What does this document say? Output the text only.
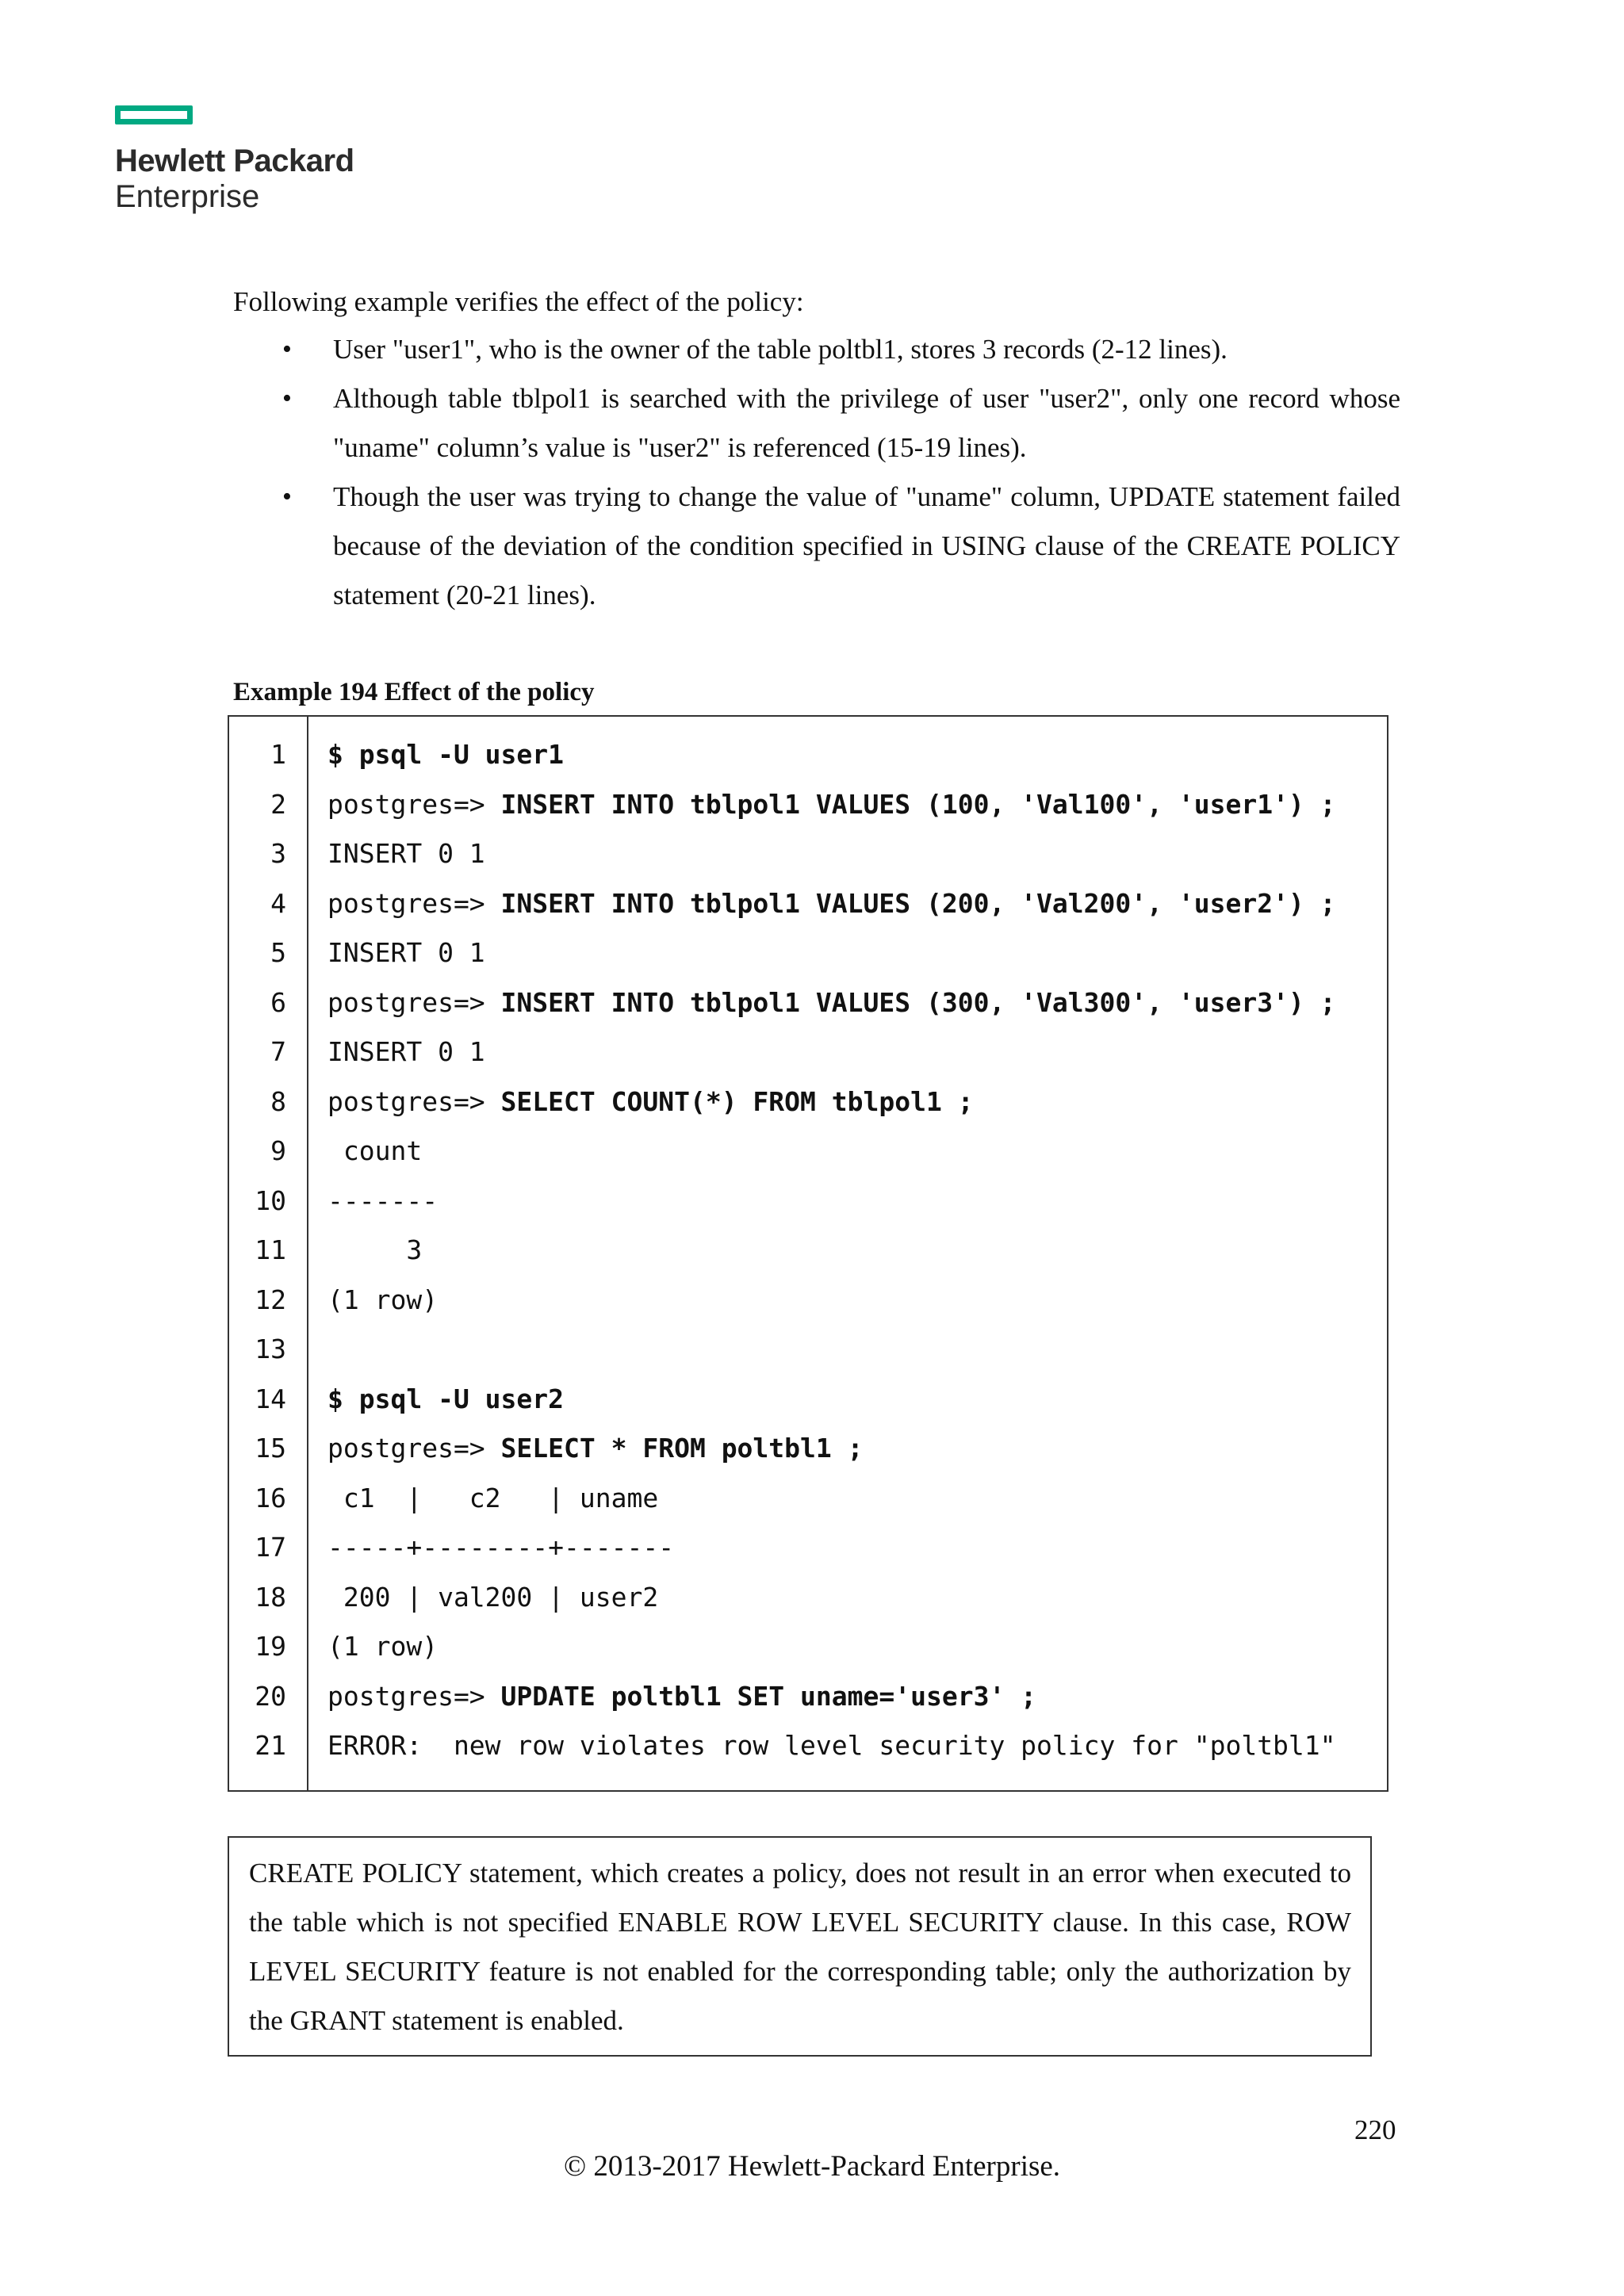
Hewlett Packard
Enterprise
Following example verifies the effect of the policy:
• User "user1", who is the owner of the table poltbl1, stores 3 records (2-12 lines).
• Although table tblpol1 is searched with the privilege of user "user2", only one record whose "uname" column’s value is "user2" is referenced (15-19 lines).
• Though the user was trying to change the value of "uname" column, UPDATE statement failed because of the deviation of the condition specified in USING clause of the CREATE POLICY statement (20-21 lines).
Example 194 Effect of the policy
1 $ psql -U user1
2 postgres=> INSERT INTO tblpol1 VALUES (100, 'Val100', 'user1') ;
3 INSERT 0 1
4 postgres=> INSERT INTO tblpol1 VALUES (200, 'Val200', 'user2') ;
5 INSERT 0 1
6 postgres=> INSERT INTO tblpol1 VALUES (300, 'Val300', 'user3') ;
7 INSERT 0 1
8 postgres=> SELECT COUNT(*) FROM tblpol1 ;
9 count
10 -------
11 3
12 (1 row)
13
14 $ psql -U user2
15 postgres=> SELECT * FROM poltbl1 ;
16 c1  |   c2   | uname
17 -----+--------+-------
18 200 | val200 | user2
19 (1 row)
20 postgres=> UPDATE poltbl1 SET uname='user3' ;
21 ERROR:  new row violates row level security policy for "poltbl1"
CREATE POLICY statement, which creates a policy, does not result in an error when executed to the table which is not specified ENABLE ROW LEVEL SECURITY clause. In this case, ROW LEVEL SECURITY feature is not enabled for the corresponding table; only the authorization by the GRANT statement is enabled.
220
© 2013-2017 Hewlett-Packard Enterprise.
